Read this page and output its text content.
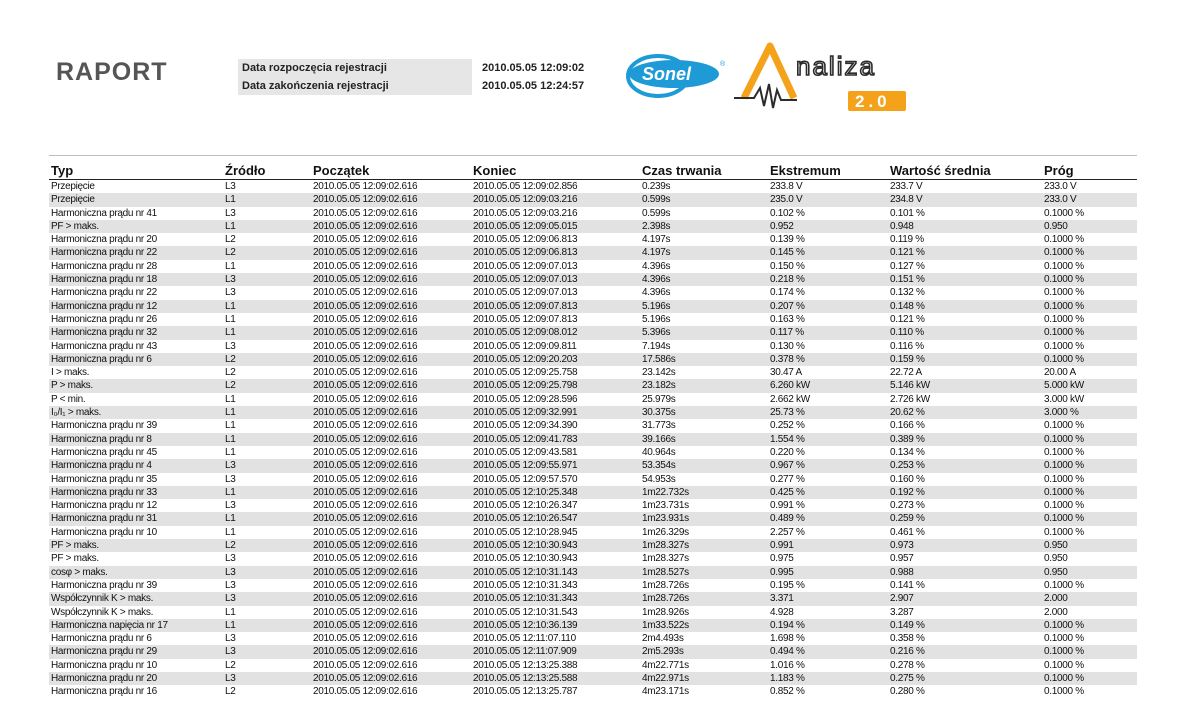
RAPORT	Data rozpoczęcia rejestracji	2010.05.05 12:09:02
Data zakończenia rejestracji	2010.05.05 12:24:57
Sonel	®	naliza
2.0
Typ	Źródło	Początek	Koniec	Czas trwania	Ekstremum	Wartość średnia	Próg
Przepięcie	L3	2010.05.05 12:09:02.616	2010.05.05 12:09:02.856	0.239s	233.8 V	233.7 V	233.0 V
Przepięcie	L1	2010.05.05 12:09:02.616	2010.05.05 12:09:03.216	0.599s	235.0 V	234.8 V	233.0 V
Harmoniczna prądu nr 41	L3	2010.05.05 12:09:02.616	2010.05.05 12:09:03.216	0.599s	0.102 %	0.101 %	0.1000 %
PF > maks.	L1	2010.05.05 12:09:02.616	2010.05.05 12:09:05.015	2.398s	0.952	0.948	0.950
Harmoniczna prądu nr 20	L2	2010.05.05 12:09:02.616	2010.05.05 12:09:06.813	4.197s	0.139 %	0.119 %	0.1000 %
Harmoniczna prądu nr 22	L2	2010.05.05 12:09:02.616	2010.05.05 12:09:06.813	4.197s	0.145 %	0.121 %	0.1000 %
Harmoniczna prądu nr 28	L1	2010.05.05 12:09:02.616	2010.05.05 12:09:07.013	4.396s	0.150 %	0.127 %	0.1000 %
Harmoniczna prądu nr 18	L3	2010.05.05 12:09:02.616	2010.05.05 12:09:07.013	4.396s	0.218 %	0.151 %	0.1000 %
Harmoniczna prądu nr 22	L3	2010.05.05 12:09:02.616	2010.05.05 12:09:07.013	4.396s	0.174 %	0.132 %	0.1000 %
Harmoniczna prądu nr 12	L1	2010.05.05 12:09:02.616	2010.05.05 12:09:07.813	5.196s	0.207 %	0.148 %	0.1000 %
Harmoniczna prądu nr 26	L1	2010.05.05 12:09:02.616	2010.05.05 12:09:07.813	5.196s	0.163 %	0.121 %	0.1000 %
Harmoniczna prądu nr 32	L1	2010.05.05 12:09:02.616	2010.05.05 12:09:08.012	5.396s	0.117 %	0.110 %	0.1000 %
Harmoniczna prądu nr 43	L3	2010.05.05 12:09:02.616	2010.05.05 12:09:09.811	7.194s	0.130 %	0.116 %	0.1000 %
Harmoniczna prądu nr 6	L2	2010.05.05 12:09:02.616	2010.05.05 12:09:20.203	17.586s	0.378 %	0.159 %	0.1000 %
I > maks.	L2	2010.05.05 12:09:02.616	2010.05.05 12:09:25.758	23.142s	30.47 A	22.72 A	20.00 A
P > maks.	L2	2010.05.05 12:09:02.616	2010.05.05 12:09:25.798	23.182s	6.260 kW	5.146 kW	5.000 kW
P < min.	L1	2010.05.05 12:09:02.616	2010.05.05 12:09:28.596	25.979s	2.662 kW	2.726 kW	3.000 kW
I₀/I₁ > maks.	L1	2010.05.05 12:09:02.616	2010.05.05 12:09:32.991	30.375s	25.73 %	20.62 %	3.000 %
Harmoniczna prądu nr 39	L1	2010.05.05 12:09:02.616	2010.05.05 12:09:34.390	31.773s	0.252 %	0.166 %	0.1000 %
Harmoniczna prądu nr 8	L1	2010.05.05 12:09:02.616	2010.05.05 12:09:41.783	39.166s	1.554 %	0.389 %	0.1000 %
Harmoniczna prądu nr 45	L1	2010.05.05 12:09:02.616	2010.05.05 12:09:43.581	40.964s	0.220 %	0.134 %	0.1000 %
Harmoniczna prądu nr 4	L3	2010.05.05 12:09:02.616	2010.05.05 12:09:55.971	53.354s	0.967 %	0.253 %	0.1000 %
Harmoniczna prądu nr 35	L3	2010.05.05 12:09:02.616	2010.05.05 12:09:57.570	54.953s	0.277 %	0.160 %	0.1000 %
Harmoniczna prądu nr 33	L1	2010.05.05 12:09:02.616	2010.05.05 12:10:25.348	1m22.732s	0.425 %	0.192 %	0.1000 %
Harmoniczna prądu nr 12	L3	2010.05.05 12:09:02.616	2010.05.05 12:10:26.347	1m23.731s	0.991 %	0.273 %	0.1000 %
Harmoniczna prądu nr 31	L1	2010.05.05 12:09:02.616	2010.05.05 12:10:26.547	1m23.931s	0.489 %	0.259 %	0.1000 %
Harmoniczna prądu nr 10	L1	2010.05.05 12:09:02.616	2010.05.05 12:10:28.945	1m26.329s	2.257 %	0.461 %	0.1000 %
PF > maks.	L2	2010.05.05 12:09:02.616	2010.05.05 12:10:30.943	1m28.327s	0.991	0.973	0.950
PF > maks.	L3	2010.05.05 12:09:02.616	2010.05.05 12:10:30.943	1m28.327s	0.975	0.957	0.950
cosφ > maks.	L3	2010.05.05 12:09:02.616	2010.05.05 12:10:31.143	1m28.527s	0.995	0.988	0.950
Harmoniczna prądu nr 39	L3	2010.05.05 12:09:02.616	2010.05.05 12:10:31.343	1m28.726s	0.195 %	0.141 %	0.1000 %
Współczynnik K > maks.	L3	2010.05.05 12:09:02.616	2010.05.05 12:10:31.343	1m28.726s	3.371	2.907	2.000
Współczynnik K > maks.	L1	2010.05.05 12:09:02.616	2010.05.05 12:10:31.543	1m28.926s	4.928	3.287	2.000
Harmoniczna napięcia nr 17	L1	2010.05.05 12:09:02.616	2010.05.05 12:10:36.139	1m33.522s	0.194 %	0.149 %	0.1000 %
Harmoniczna prądu nr 6	L3	2010.05.05 12:09:02.616	2010.05.05 12:11:07.110	2m4.493s	1.698 %	0.358 %	0.1000 %
Harmoniczna prądu nr 29	L3	2010.05.05 12:09:02.616	2010.05.05 12:11:07.909	2m5.293s	0.494 %	0.216 %	0.1000 %
Harmoniczna prądu nr 10	L2	2010.05.05 12:09:02.616	2010.05.05 12:13:25.388	4m22.771s	1.016 %	0.278 %	0.1000 %
Harmoniczna prądu nr 20	L3	2010.05.05 12:09:02.616	2010.05.05 12:13:25.588	4m22.971s	1.183 %	0.275 %	0.1000 %
Harmoniczna prądu nr 16	L2	2010.05.05 12:09:02.616	2010.05.05 12:13:25.787	4m23.171s	0.852 %	0.280 %	0.1000 %
